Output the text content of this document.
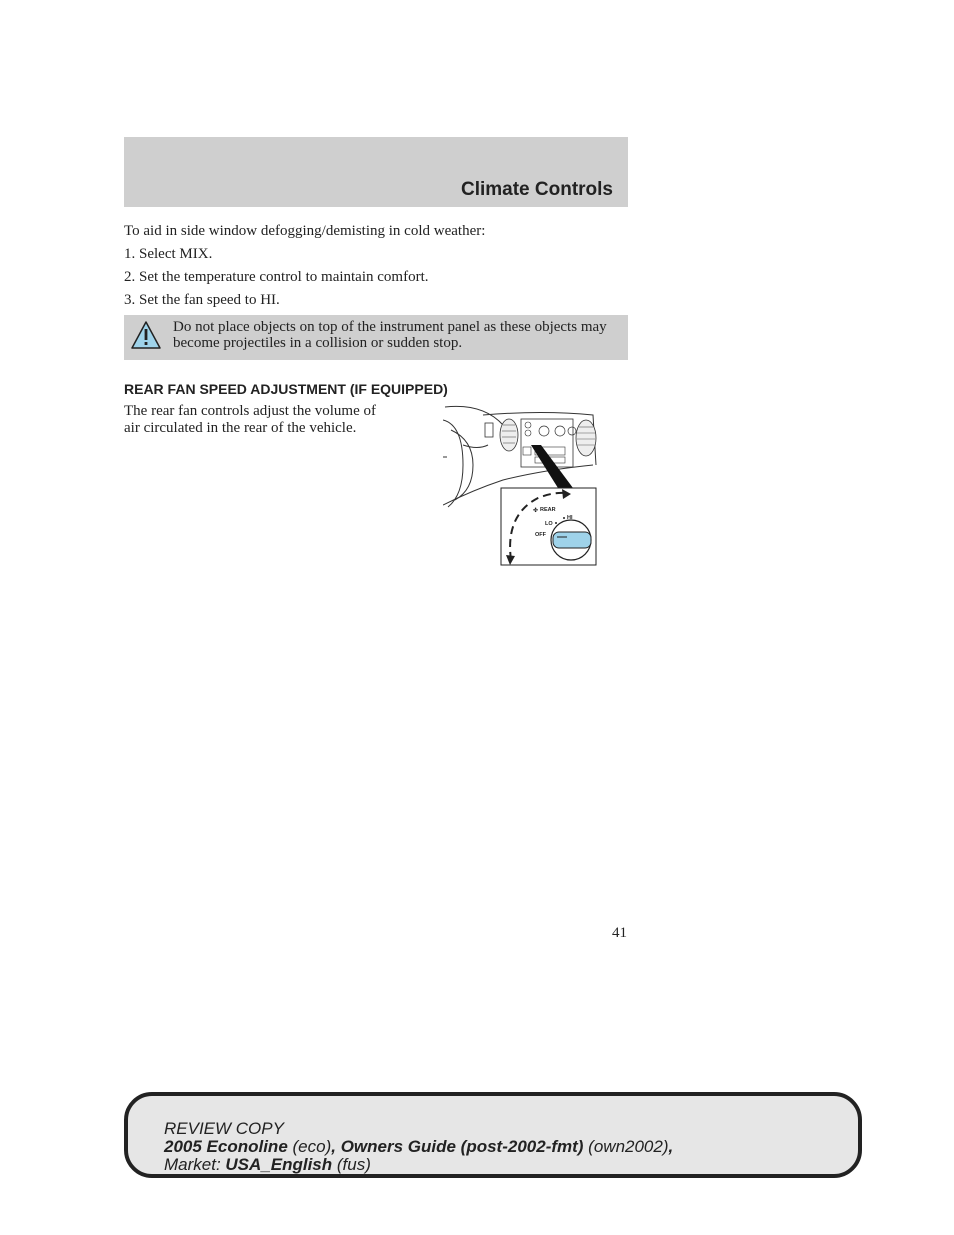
Climate Controls

To aid in side window defogging/demisting in cold weather:

1. Select MIX.

2. Set the temperature control to maintain comfort.

3. Set the fan speed to HI.

Do not place objects on top of the instrument panel as these objects may become projectiles in a collision or sudden stop.
REAR FAN SPEED ADJUSTMENT (IF EQUIPPED)
The rear fan controls adjust the volume of air circulated in the rear of the vehicle.
✤ REAR
LO
HI
OFF
41
REVIEW COPY
2005 Econoline (eco), Owners Guide (post-2002-fmt) (own2002),
Market: USA_English (fus)
